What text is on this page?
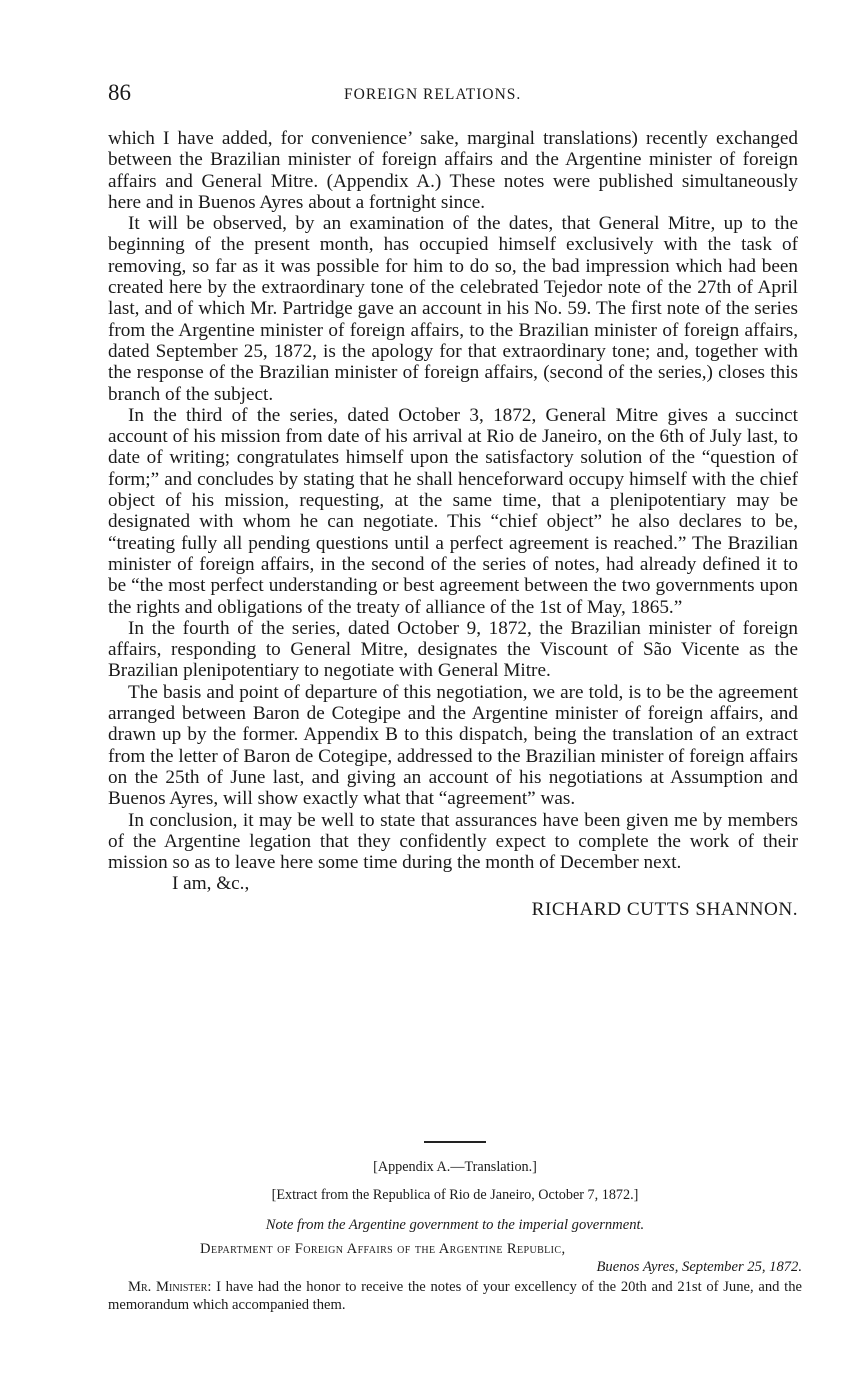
86	FOREIGN RELATIONS.

which I have added, for convenience’ sake, marginal translations) recently exchanged between the Brazilian minister of foreign affairs and the Argentine minister of foreign affairs and General Mitre. (Appendix A.) These notes were published simultaneously here and in Buenos Ayres about a fortnight since.

It will be observed, by an examination of the dates, that General Mitre, up to the beginning of the present month, has occupied himself exclusively with the task of removing, so far as it was possible for him to do so, the bad impression which had been created here by the extraordinary tone of the celebrated Tejedor note of the 27th of April last, and of which Mr. Partridge gave an account in his No. 59. The first note of the series from the Argentine minister of foreign affairs, to the Brazilian minister of foreign affairs, dated September 25, 1872, is the apology for that extraordinary tone; and, together with the response of the Brazilian minister of foreign affairs, (second of the series,) closes this branch of the subject.

In the third of the series, dated October 3, 1872, General Mitre gives a succinct account of his mission from date of his arrival at Rio de Janeiro, on the 6th of July last, to date of writing; congratulates himself upon the satisfactory solution of the “question of form;” and concludes by stating that he shall henceforward occupy himself with the chief object of his mission, requesting, at the same time, that a plenipotentiary may be designated with whom he can negotiate. This “chief object” he also declares to be, “treating fully all pending questions until a perfect agreement is reached.” The Brazilian minister of foreign affairs, in the second of the series of notes, had already defined it to be “the most perfect understanding or best agreement between the two governments upon the rights and obligations of the treaty of alliance of the 1st of May, 1865.”

In the fourth of the series, dated October 9, 1872, the Brazilian minister of foreign affairs, responding to General Mitre, designates the Viscount of São Vicente as the Brazilian plenipotentiary to negotiate with General Mitre.

The basis and point of departure of this negotiation, we are told, is to be the agreement arranged between Baron de Cotegipe and the Argentine minister of foreign affairs, and drawn up by the former. Appendix B to this dispatch, being the translation of an extract from the letter of Baron de Cotegipe, addressed to the Brazilian minister of foreign affairs on the 25th of June last, and giving an account of his negotiations at Assumption and Buenos Ayres, will show exactly what that “agreement” was.

In conclusion, it may be well to state that assurances have been given me by members of the Argentine legation that they confidently expect to complete the work of their mission so as to leave here some time during the month of December next.

I am, &c.,

RICHARD CUTTS SHANNON.

[Appendix A.—Translation.]

[Extract from the Republica of Rio de Janeiro, October 7, 1872.]

Note from the Argentine government to the imperial government.

Department of Foreign Affairs of the Argentine Republic,

Buenos Ayres, September 25, 1872.

Mr. Minister: I have had the honor to receive the notes of your excellency of the 20th and 21st of June, and the memorandum which accompanied them.
